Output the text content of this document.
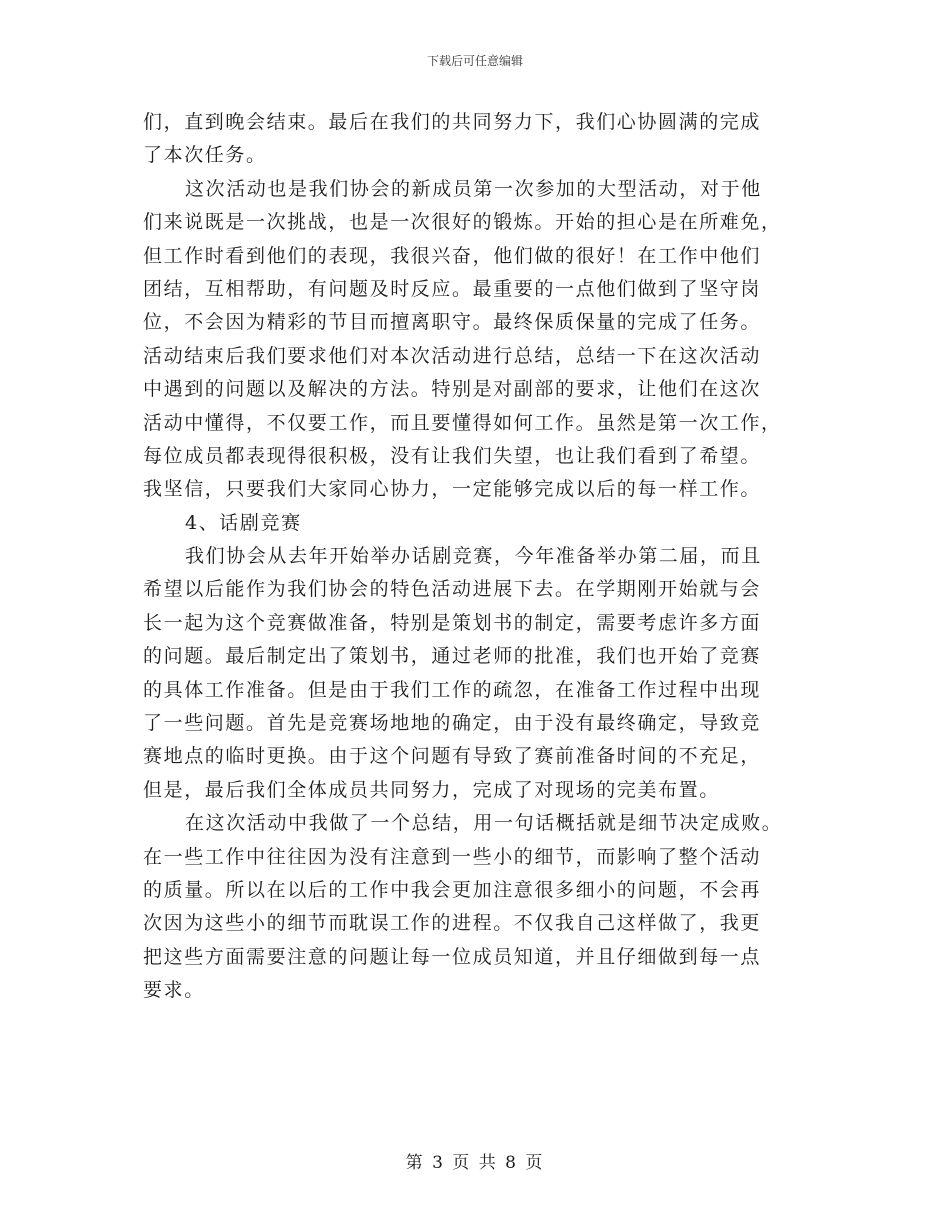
下载后可任意编辑
们，直到晚会结束。最后在我们的共同努力下，我们心协圆满的完成
了本次任务。
这次活动也是我们协会的新成员第一次参加的大型活动，对于他
们来说既是一次挑战，也是一次很好的锻炼。开始的担心是在所难免，
但工作时看到他们的表现，我很兴奋，他们做的很好！在工作中他们
团结，互相帮助，有问题及时反应。最重要的一点他们做到了坚守岗
位，不会因为精彩的节目而擅离职守。最终保质保量的完成了任务。
活动结束后我们要求他们对本次活动进行总结，总结一下在这次活动
中遇到的问题以及解决的方法。特别是对副部的要求，让他们在这次
活动中懂得，不仅要工作，而且要懂得如何工作。虽然是第一次工作，
每位成员都表现得很积极，没有让我们失望，也让我们看到了希望。
我坚信，只要我们大家同心协力，一定能够完成以后的每一样工作。
4、话剧竞赛
我们协会从去年开始举办话剧竞赛，今年准备举办第二届，而且
希望以后能作为我们协会的特色活动进展下去。在学期刚开始就与会
长一起为这个竞赛做准备，特别是策划书的制定，需要考虑许多方面
的问题。最后制定出了策划书，通过老师的批准，我们也开始了竞赛
的具体工作准备。但是由于我们工作的疏忽，在准备工作过程中出现
了一些问题。首先是竞赛场地地的确定，由于没有最终确定，导致竞
赛地点的临时更换。由于这个问题有导致了赛前准备时间的不充足，
但是，最后我们全体成员共同努力，完成了对现场的完美布置。
在这次活动中我做了一个总结，用一句话概括就是细节决定成败。
在一些工作中往往因为没有注意到一些小的细节，而影响了整个活动
的质量。所以在以后的工作中我会更加注意很多细小的问题，不会再
次因为这些小的细节而耽误工作的进程。不仅我自己这样做了，我更
把这些方面需要注意的问题让每一位成员知道，并且仔细做到每一点
要求。
第 3 页 共 8 页
